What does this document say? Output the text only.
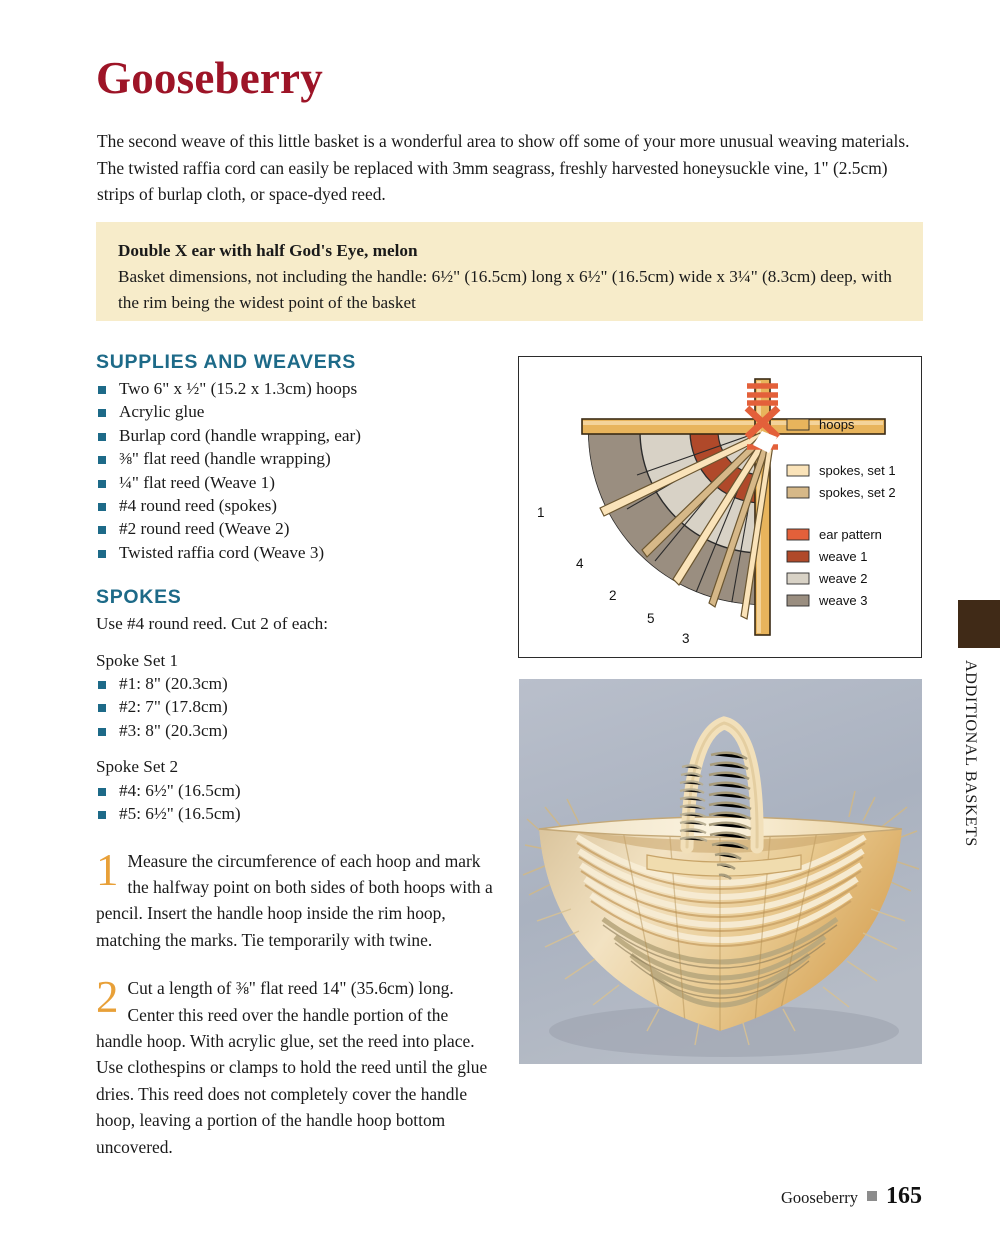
Gooseberry
The second weave of this little basket is a wonderful area to show off some of your more unusual weaving materials. The twisted raffia cord can easily be replaced with 3mm seagrass, freshly harvested honeysuckle vine, 1" (2.5cm) strips of burlap cloth, or space-dyed reed.
Double X ear with half God's Eye, melon
Basket dimensions, not including the handle: 6½" (16.5cm) long x 6½" (16.5cm) wide x 3¼" (8.3cm) deep, with the rim being the widest point of the basket
SUPPLIES AND WEAVERS
Two 6" x ½" (15.2 x 1.3cm) hoops
Acrylic glue
Burlap cord (handle wrapping, ear)
⅜" flat reed (handle wrapping)
¼" flat reed (Weave 1)
#4 round reed (spokes)
#2 round reed (Weave 2)
Twisted raffia cord (Weave 3)
SPOKES

Use #4 round reed. Cut 2 of each:

Spoke Set 1

#1: 8" (20.3cm)
#2: 7" (17.8cm)
#3: 8" (20.3cm)

Spoke Set 2

#4: 6½" (16.5cm)
#5: 6½" (16.5cm)
1 Measure the circumference of each hoop and mark the halfway point on both sides of both hoops with a pencil. Insert the handle hoop inside the rim hoop, matching the marks. Tie temporarily with twine.
2 Cut a length of ⅜" flat reed 14" (35.6cm) long. Center this reed over the handle portion of the handle hoop. With acrylic glue, set the reed into place. Use clothespins or clamps to hold the reed until the glue dries. This reed does not completely cover the handle hoop, leaving a portion of the handle hoop bottom uncovered.
1
4
2
5
3
hoops
spokes, set 1
spokes, set 2
ear pattern
weave 1
weave 2
weave 3
ADDITIONAL BASKETS
Gooseberry 165
